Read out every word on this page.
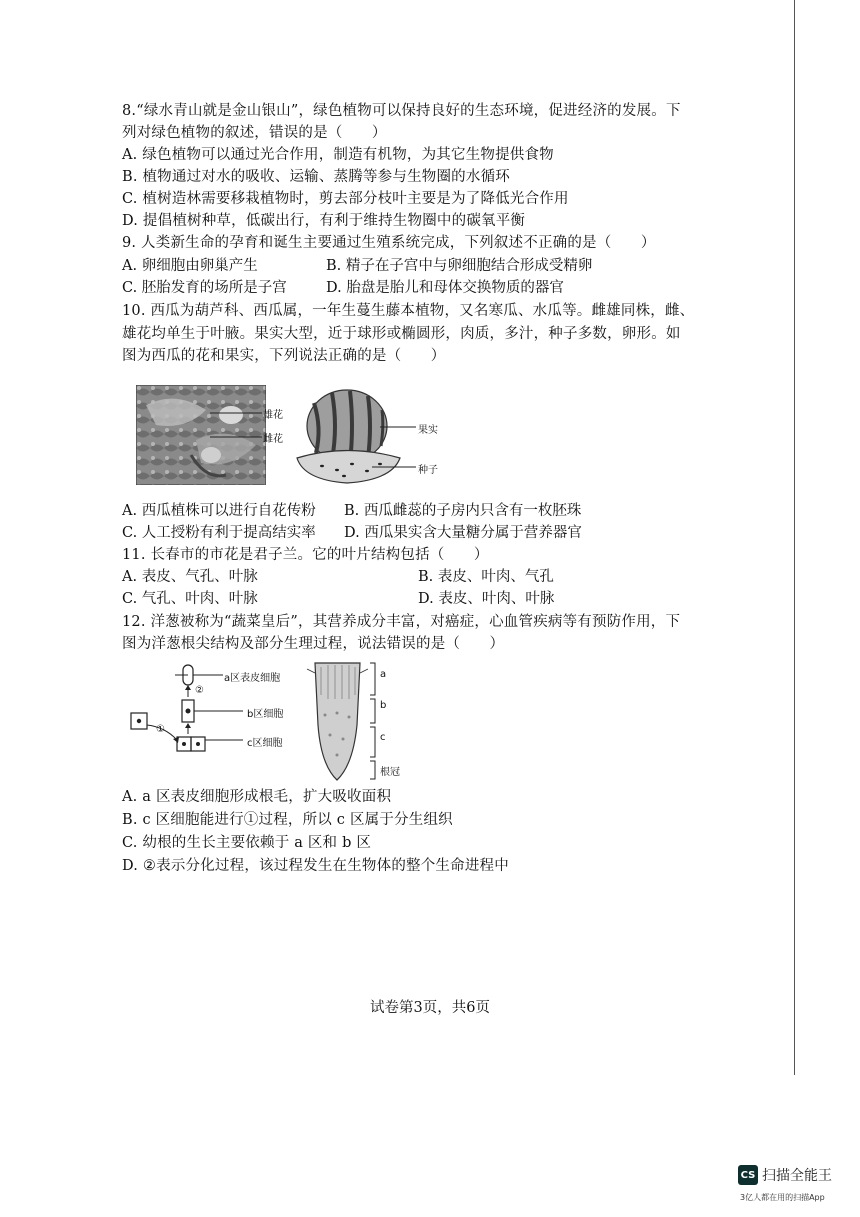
8.“绿水青山就是金山银山”，绿色植物可以保持良好的生态环境，促进经济的发展。下
列对绿色植物的叙述，错误的是（　　）
A. 绿色植物可以通过光合作用，制造有机物，为其它生物提供食物
B. 植物通过对水的吸收、运输、蒸腾等参与生物圈的水循环
C. 植树造林需要移栽植物时，剪去部分枝叶主要是为了降低光合作用
D. 提倡植树种草，低碳出行，有利于维持生物圈中的碳氧平衡
9. 人类新生命的孕育和诞生主要通过生殖系统完成，下列叙述不正确的是（　　）
A. 卵细胞由卵巢产生	B. 精子在子宫中与卵细胞结合形成受精卵
C. 胚胎发育的场所是子宫	D. 胎盘是胎儿和母体交换物质的器官
10. 西瓜为葫芦科、西瓜属，一年生蔓生藤本植物，又名寒瓜、水瓜等。雌雄同株，雌、
雄花均单生于叶腋。果实大型，近于球形或椭圆形，肉质，多汁，种子多数，卵形。如
图为西瓜的花和果实，下列说法正确的是（　　）
雄花
雌花
果实
种子
A. 西瓜植株可以进行自花传粉 B. 西瓜雌蕊的子房内只含有一枚胚珠
C. 人工授粉有利于提高结实率 D. 西瓜果实含大量糖分属于营养器官
11. 长春市的市花是君子兰。它的叶片结构包括（　　）
A. 表皮、气孔、叶脉	B. 表皮、叶肉、气孔
C. 气孔、叶肉、叶脉	D. 表皮、叶肉、叶脉
12. 洋葱被称为“蔬菜皇后”，其营养成分丰富，对癌症，心血管疾病等有预防作用，下
图为洋葱根尖结构及部分生理过程，说法错误的是（　　）
a区表皮细胞
②
b区细胞
①
c区细胞
a
b
c
根冠
A. a 区表皮细胞形成根毛，扩大吸收面积
B. c 区细胞能进行①过程，所以 c 区属于分生组织
C. 幼根的生长主要依赖于 a 区和 b 区
D. ②表示分化过程，该过程发生在生物体的整个生命进程中
试卷第3页，共6页
CS 扫描全能王
3亿人都在用的扫描App
